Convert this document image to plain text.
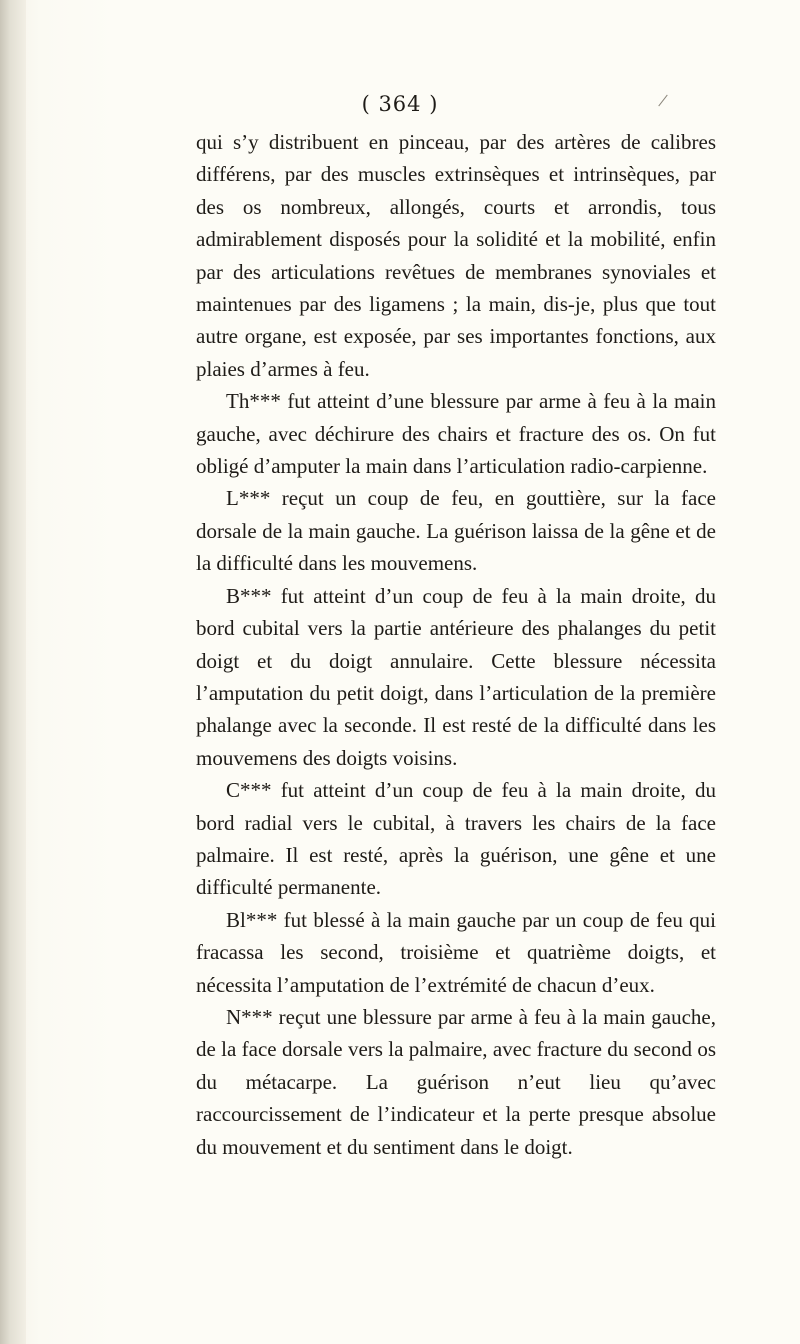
( 364 )

qui s’y distribuent en pinceau, par des artères de calibres différens, par des muscles extrinsèques et intrinsèques, par des os nombreux, allongés, courts et arrondis, tous admirablement disposés pour la solidité et la mobilité, enfin par des articulations revêtues de membranes synoviales et maintenues par des ligamens ; la main, dis-je, plus que tout autre organe, est exposée, par ses importantes fonctions, aux plaies d’armes à feu.

Th*** fut atteint d’une blessure par arme à feu à la main gauche, avec déchirure des chairs et fracture des os. On fut obligé d’amputer la main dans l’articulation radio-carpienne.

L*** reçut un coup de feu, en gouttière, sur la face dorsale de la main gauche. La guérison laissa de la gêne et de la difficulté dans les mouvemens.

B*** fut atteint d’un coup de feu à la main droite, du bord cubital vers la partie antérieure des phalanges du petit doigt et du doigt annulaire. Cette blessure nécessita l’amputation du petit doigt, dans l’articulation de la première phalange avec la seconde. Il est resté de la difficulté dans les mouvemens des doigts voisins.

C*** fut atteint d’un coup de feu à la main droite, du bord radial vers le cubital, à travers les chairs de la face palmaire. Il est resté, après la guérison, une gêne et une difficulté permanente.

Bl*** fut blessé à la main gauche par un coup de feu qui fracassa les second, troisième et quatrième doigts, et nécessita l’amputation de l’extrémité de chacun d’eux.

N*** reçut une blessure par arme à feu à la main gauche, de la face dorsale vers la palmaire, avec fracture du second os du métacarpe. La guérison n’eut lieu qu’avec raccourcissement de l’indicateur et la perte presque absolue du mouvement et du sentiment dans le doigt.
